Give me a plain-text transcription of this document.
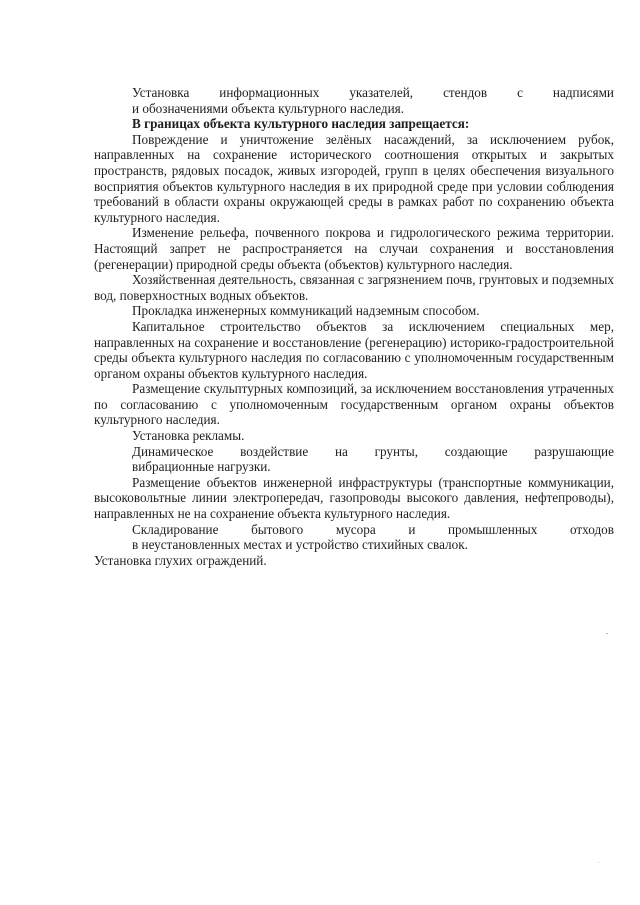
Установка информационных указателей, стендов с надписями
и обозначениями объекта культурного наследия.

В границах объекта культурного наследия запрещается:

Повреждение и уничтожение зелёных насаждений, за исключением рубок, направленных на сохранение исторического соотношения открытых и закрытых пространств, рядовых посадок, живых изгородей, групп в целях обеспечения визуального восприятия объектов культурного наследия в их природной среде при условии соблюдения требований в области охраны окружающей среды в рамках работ по сохранению объекта культурного наследия.

Изменение рельефа, почвенного покрова и гидрологического режима территории. Настоящий запрет не распространяется на случаи сохранения и восстановления (регенерации) природной среды объекта (объектов) культурного наследия.

Хозяйственная деятельность, связанная с загрязнением почв, грунтовых и подземных вод, поверхностных водных объектов.

Прокладка инженерных коммуникаций надземным способом.

Капитальное строительство объектов за исключением специальных мер, направленных на сохранение и восстановление (регенерацию) историко-градостроительной среды объекта культурного наследия по согласованию с уполномоченным государственным органом охраны объектов культурного наследия.

Размещение скульптурных композиций, за исключением восстановления утраченных по согласованию с уполномоченным государственным органом охраны объектов культурного наследия.

Установка рекламы.

Динамическое воздействие на грунты, создающие разрушающие
вибрационные нагрузки.

Размещение объектов инженерной инфраструктуры (транспортные коммуникации, высоковольтные линии электропередач, газопроводы высокого давления, нефтепроводы), направленных не на сохранение объекта культурного наследия.

Складирование бытового мусора и промышленных отходов
в неустановленных местах и устройство стихийных свалок.

Установка глухих ограждений.
